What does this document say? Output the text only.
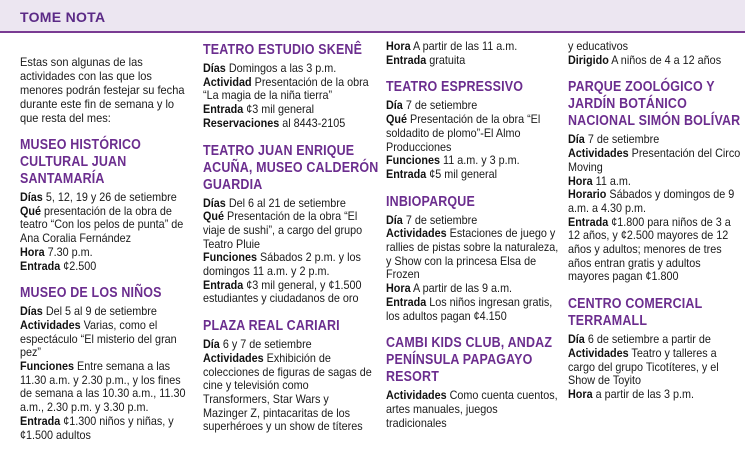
TOME NOTA
Estas son algunas de las actividades con las que los menores podrán festejar su fecha durante este fin de semana y lo que resta del mes:
MUSEO HISTÓRICO CULTURAL JUAN SANTAMARÍA
Días 5, 12, 19 y 26 de setiembre
Qué presentación de la obra de teatro “Con los pelos de punta” de Ana Coralia Fernández
Hora 7.30 p.m.
Entrada ¢2.500
MUSEO DE LOS NIÑOS
Días Del 5 al 9 de setiembre
Actividades Varias, como el espectáculo “El misterio del gran pez”
Funciones Entre semana a las 11.30 a.m. y 2.30 p.m., y los fines de semana a las 10.30 a.m., 11.30 a.m., 2.30 p.m. y 3.30 p.m.
Entrada ¢1.300 niños y niñas, y ¢1.500 adultos
TEATRO ESTUDIO SKENÊ
Días Domingos a las 3 p.m.
Actividad Presentación de la obra “La magia de la niña tierra”
Entrada ¢3 mil general
Reservaciones al 8443-2105
TEATRO JUAN ENRIQUE ACUÑA, MUSEO CALDERÓN GUARDIA
Días Del 6 al 21 de setiembre
Qué Presentación de la obra “El viaje de sushi”, a cargo del grupo Teatro Pluie
Funciones Sábados 2 p.m. y los domingos 11 a.m. y 2 p.m.
Entrada ¢3 mil general, y ¢1.500 estudiantes y ciudadanos de oro
PLAZA REAL CARIARI
Día 6 y 7 de setiembre
Actividades Exhibición de colecciones de figuras de sagas de cine y televisión como Transformers, Star Wars y Mazinger Z, pintacaritas de los superhéroes y un show de títeres
Hora A partir de las 11 a.m.
Entrada gratuita
TEATRO ESPRESSIVO
Día 7 de setiembre
Qué Presentación de la obra “El soldadito de plomo”-El Almo Producciones
Funciones 11 a.m. y 3 p.m.
Entrada ¢5 mil general
INBIOPARQUE
Día 7 de setiembre
Actividades Estaciones de juego y rallies de pistas sobre la naturaleza, y Show con la princesa Elsa de Frozen
Hora A partir de las 9 a.m.
Entrada Los niños ingresan gratis, los adultos pagan ¢4.150
CAMBI KIDS CLUB, ANDAZ PENÍNSULA PAPAGAYO RESORT
Actividades Como cuenta cuentos, artes manuales, juegos tradicionales
y educativos
Dirigido A niños de 4 a 12 años
PARQUE ZOOLÓGICO Y JARDÍN BOTÁNICO NACIONAL SIMÓN BOLÍVAR
Día 7 de setiembre
Actividades Presentación del Circo Moving
Hora 11 a.m.
Horario Sábados y domingos de 9 a.m. a 4.30 p.m.
Entrada ¢1.800 para niños de 3 a 12 años, y ¢2.500 mayores de 12 años y adultos; menores de tres años entran gratis y adultos mayores pagan ¢1.800
CENTRO COMERCIAL TERRAMALL
Día 6 de setiembre a partir de
Actividades Teatro y talleres a cargo del grupo Ticotíteres, y el Show de Toyito
Hora a partir de las 3 p.m.
